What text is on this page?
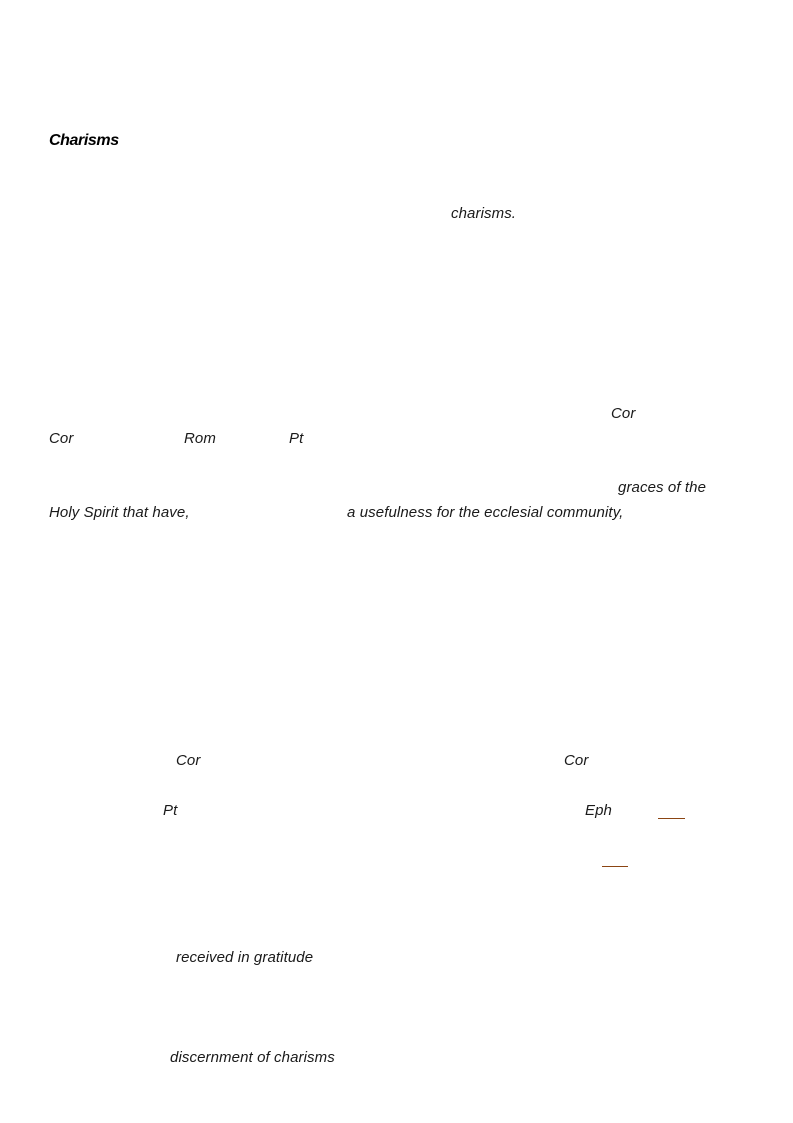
Charisms
charisms.
Cor
Cor	Rom	Pt
graces of the
Holy Spirit that have,	a usefulness for the ecclesial community,
Cor	Cor
Pt	Eph
received in gratitude
discernment of charisms
